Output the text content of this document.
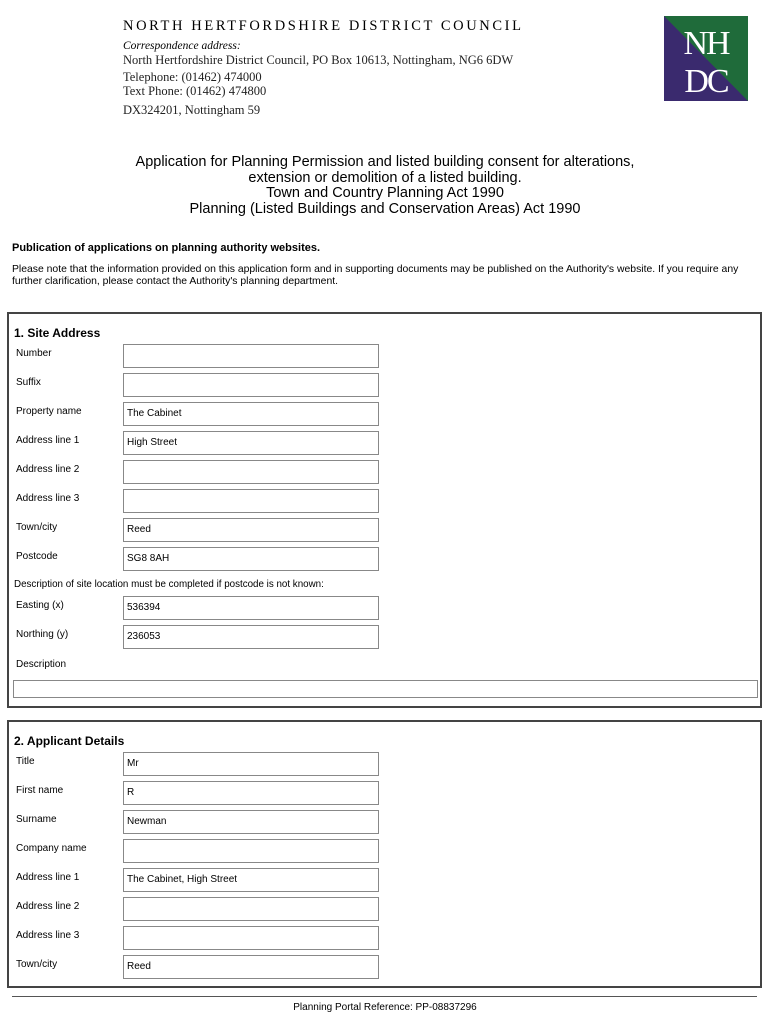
NORTH HERTFORDSHIRE DISTRICT COUNCIL
Correspondence address:
North Hertfordshire District Council, PO Box 10613, Nottingham, NG6 6DW
Telephone: (01462) 474000
Text Phone: (01462) 474800
DX324201, Nottingham 59
NH
DC
Application for Planning Permission and listed building consent for alterations,
extension or demolition of a listed building.
Town and Country Planning Act 1990
Planning (Listed Buildings and Conservation Areas) Act 1990
Publication of applications on planning authority websites.
Please note that the information provided on this application form and in supporting documents may be published on the Authority's website. If you require any further clarification, please contact the Authority's planning department.
1. Site Address
Number
Suffix
Property name	The Cabinet
Address line 1	High Street
Address line 2
Address line 3
Town/city	Reed
Postcode	SG8 8AH
Description of site location must be completed if postcode is not known:
Easting (x)	536394
Northing (y)	236053
Description
2. Applicant Details
Title	Mr
First name	R
Surname	Newman
Company name
Address line 1	The Cabinet, High Street
Address line 2
Address line 3
Town/city	Reed
Planning Portal Reference: PP-08837296
